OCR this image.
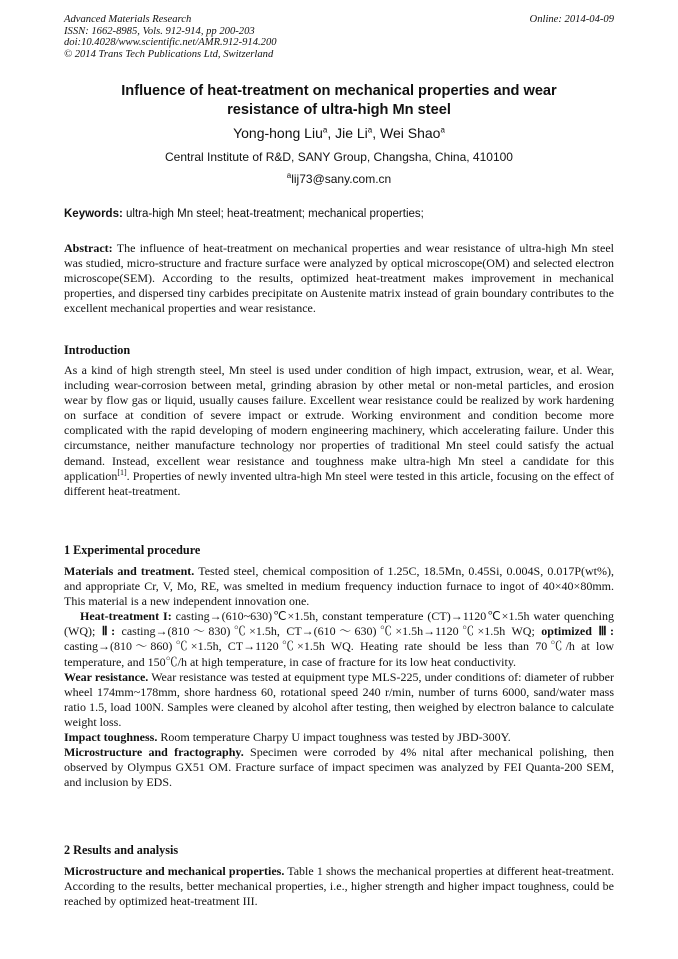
Advanced Materials Research
ISSN: 1662-8985, Vols. 912-914, pp 200-203
doi:10.4028/www.scientific.net/AMR.912-914.200
© 2014 Trans Tech Publications Ltd, Switzerland
Online: 2014-04-09
Influence of heat-treatment on mechanical properties and wear
resistance of ultra-high Mn steel
Yong-hong Liu$^a$, Jie Li$^a$, Wei Shao$^a$
Central Institute of R&D, SANY Group, Changsha, China, 410100
$^a$lij73@sany.com.cn
Keywords: ultra-high Mn steel; heat-treatment; mechanical properties;

Abstract: The influence of heat-treatment on mechanical properties and wear resistance of ultra-high Mn steel was studied, micro-structure and fracture surface were analyzed by optical microscope(OM) and selected electron microscope(SEM). According to the results, optimized heat-treatment makes improvement in mechanical properties, and dispersed tiny carbides precipitate on Austenite matrix instead of grain boundary contributes to the excellent mechanical properties and wear resistance.

Introduction

As a kind of high strength steel, Mn steel is used under condition of high impact, extrusion, wear, et al. Wear, including wear-corrosion between metal, grinding abrasion by other metal or non-metal particles, and erosion wear by flow gas or liquid, usually causes failure. Excellent wear resistance could be realized by work hardening on surface at condition of severe impact or extrude. Working environment and condition become more complicated with the rapid developing of modern engineering machinery, which accelerating failure. Under this circumstance, neither manufacture technology nor properties of traditional Mn steel could satisfy the actual demand. Instead, excellent wear resistance and toughness make ultra-high Mn steel a candidate for this application[1]. Properties of newly invented ultra-high Mn steel were tested in this article, focusing on the effect of different heat-treatment.

1 Experimental procedure

Materials and treatment. Tested steel, chemical composition of 1.25C, 18.5Mn, 0.45Si, 0.004S, 0.017P(wt%), and appropriate Cr, V, Mo, RE, was smelted in medium frequency induction furnace to ingot of 40×40×80mm. This material is a new independent innovation one.

Heat-treatment I: casting→(610~630)℃×1.5h, constant temperature (CT)→1120℃×1.5h water quenching (WQ); Ⅱ: casting→(810～830)℃×1.5h, CT→(610～630)℃×1.5h→1120℃×1.5h WQ; optimized Ⅲ: casting→(810～860)℃×1.5h, CT→1120℃×1.5h WQ. Heating rate should be less than 70℃/h at low temperature, and 150℃/h at high temperature, in case of fracture for its low heat conductivity.

Wear resistance. Wear resistance was tested at equipment type MLS-225, under conditions of: diameter of rubber wheel 174mm~178mm, shore hardness 60, rotational speed 240 r/min, number of turns 6000, sand/water mass ratio 1.5, load 100N. Samples were cleaned by alcohol after testing, then weighed by electron balance to calculate weight loss.

Impact toughness. Room temperature Charpy U impact toughness was tested by JBD-300Y.

Microstructure and fractography. Specimen were corroded by 4% nital after mechanical polishing, then observed by Olympus GX51 OM. Fracture surface of impact specimen was analyzed by FEI Quanta-200 SEM, and inclusion by EDS.

2 Results and analysis

Microstructure and mechanical properties. Table 1 shows the mechanical properties at different heat-treatment. According to the results, better mechanical properties, i.e., higher strength and higher impact toughness, could be reached by optimized heat-treatment III.
